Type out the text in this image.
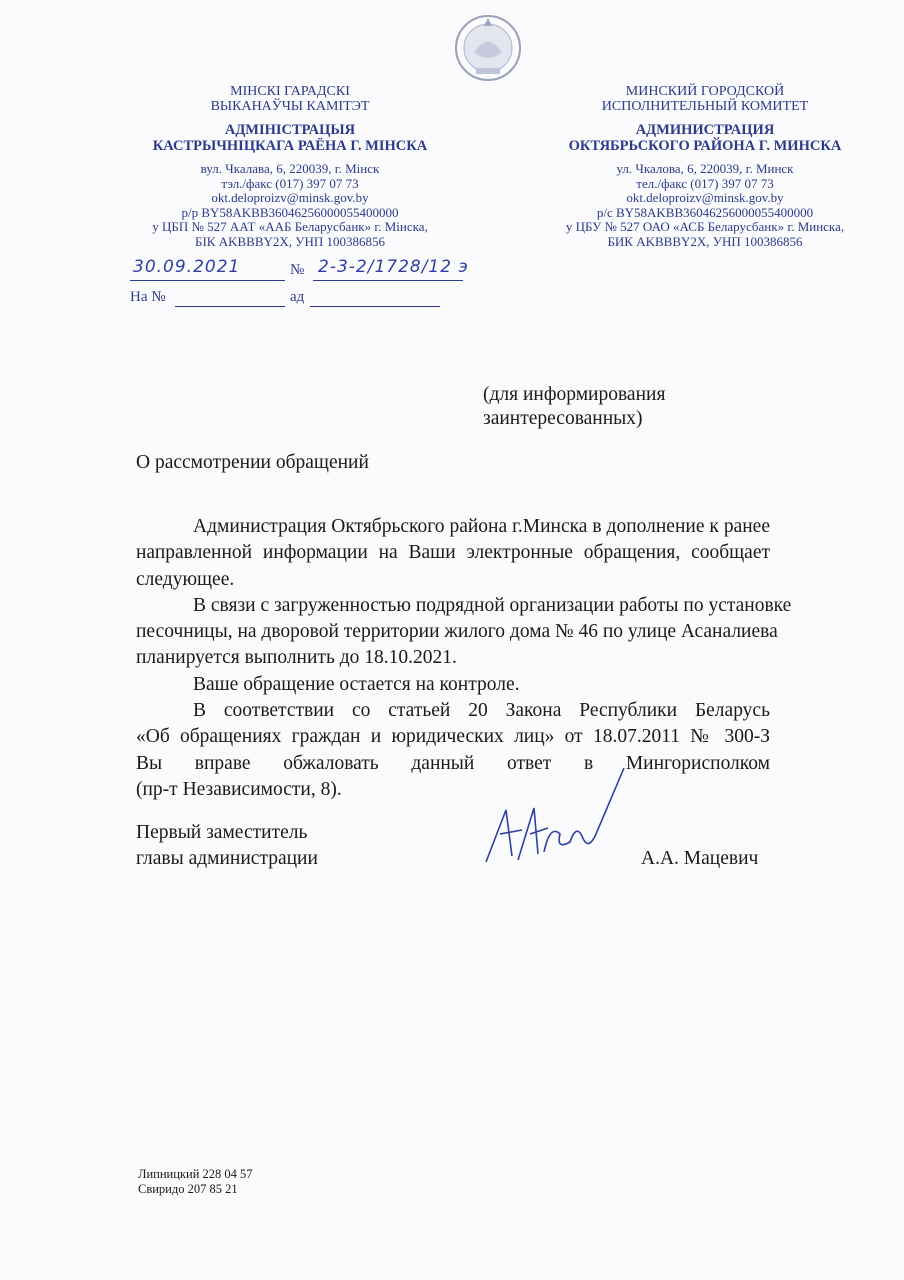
МІНСКІ ГАРАДСКІ
ВЫКАНАЎЧЫ КАМІТЭТ
АДМІНІСТРАЦЫЯ
КАСТРЫЧНІЦКАГА РАЁНА Г. МІНСКА
вул. Чкалава, 6, 220039, г. Мінск
тэл./факс (017) 397 07 73
okt.deloproizv@minsk.gov.by
р/р BY58AKBB36046256000055400000
у ЦБП № 527 ААТ «ААБ Беларусбанк» г. Мінска,
БІК AKBBBY2X, УНП 100386856
МИНСКИЙ ГОРОДСКОЙ
ИСПОЛНИТЕЛЬНЫЙ КОМИТЕТ
АДМИНИСТРАЦИЯ
ОКТЯБРЬСКОГО РАЙОНА Г. МИНСКА
ул. Чкалова, 6, 220039, г. Минск
тел./факс (017) 397 07 73
okt.deloproizv@minsk.gov.by
р/с BY58AKBB36046256000055400000
у ЦБУ № 527 ОАО «АСБ Беларусбанк» г. Минска,
БИК AKBBBY2X, УНП 100386856
30.09.2021	№ 2-3-2/1728/12 э
На №	ад
(для информирования
заинтересованных)
О рассмотрении обращений
Администрация Октябрьского района г.Минска в дополнение к ранее
направленной информации на Ваши электронные обращения, сообщает
следующее.
В связи с загруженностью подрядной организации работы по установке
песочницы, на дворовой территории жилого дома № 46 по улице Асаналиева
планируется выполнить до 18.10.2021.
Ваше обращение остается на контроле.
В соответствии со статьей 20 Закона Республики Беларусь
«Об обращениях граждан и юридических лиц» от 18.07.2011 № 300-З
Вы вправе обжаловать данный ответ в Мингорисполком
(пр-т Независимости, 8).
Первый заместитель
главы администрации	А.А. Мацевич
Липницкий 228 04 57
Свиридо 207 85 21
